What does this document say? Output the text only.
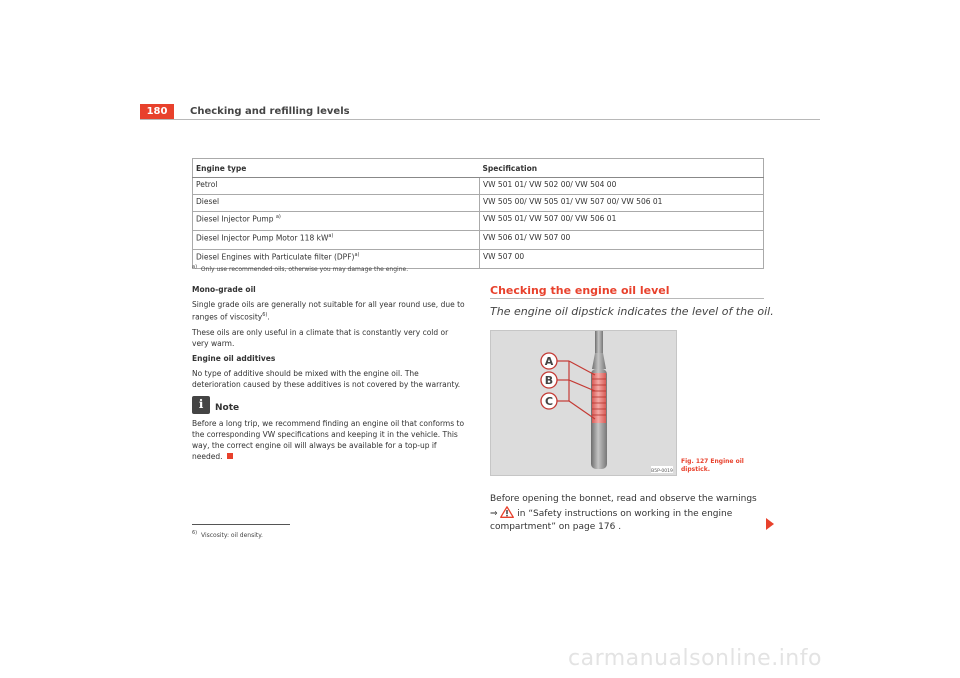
180	Checking and refilling levels
Engine type	Specification
Petrol	VW 501 01/ VW 502 00/ VW 504 00
Diesel	VW 505 00/ VW 505 01/ VW 507 00/ VW 506 01
Diesel Injector Pump $^{a)}$	VW 505 01/ VW 507 00/ VW 506 01
Diesel Injector Pump Motor 118 $kW^{a)}$	VW 506 01/ VW 507 00
Diesel Engines with Particulate filter (DPF)$^{a)}$	VW 507 00
$^{a)}$ Only use recommended oils, otherwise you may damage the engine.

Mono-grade oil

Single grade oils are generally not suitable for all year round use, due to ranges of viscosity$^{6)}$.

These oils are only useful in a climate that is constantly very cold or very warm.

Engine oil additives

No type of additive should be mixed with the engine oil. The deterioration caused by these additives is not covered by the warranty.

ℹ	Note

Before a long trip, we recommend finding an engine oil that conforms to the corresponding VW specifications and keeping it in the vehicle. This way, the correct engine oil will always be available for a top-up if needed.

$^{6)}$ Viscosity: oil density.
Checking the engine oil level
The engine oil dipstick indicates the level of the oil.
A
B
C
B5P-0019
Fig. 127 Engine oil
dipstick.
Before opening the bonnet, read and observe the warnings ⇒  in “Safety instructions on working in the engine compartment” on page 176 .
carmanualsonline.info
